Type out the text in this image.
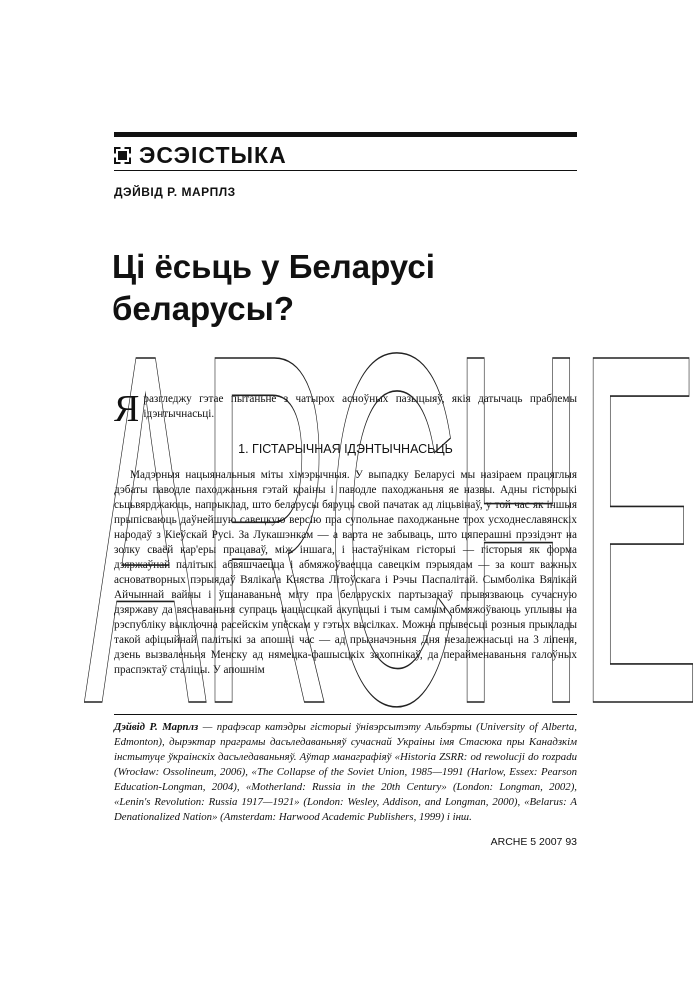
ЭСЭІСТЫКА
ДЭЙВІД Р. МАРПЛЗ
Ці ёсьць у Беларусі
беларусы?

Я разгледжу гэтае пытаньне з чатырох асноўных пазыцыяў, якія датычаць праблемы ідэнтычнасьці.

1. ГІСТАРЫЧНАЯ ІДЭНТЫЧНАСЬЦЬ

Мадэрныя нацыянальныя міты хімэрычныя. У выпадку Беларусі мы назіраем працяглыя дэбаты паводле паходжаньня гэтай краіны і паводле паходжаньня яе назвы. Адны гісторыкі сьцьвярджаюць, напрыклад, што беларусы бяруць свой пачатак ад ліцьвінаў, у той час як іншыя прыпісваюць даўнейшую савецкую версію пра супольнае паходжаньне трох усходнеславянскіх народаў з Кіеўскай Русі. За Лукашэнкам — а варта не забываць, што цяперашні прэзідэнт на золку сваёй кар'еры працаваў, між іншага, і настаўнікам гісторыі — гісторыя як форма дзяржаўнай палітыкі абвяшчаецца і абмяжоўваецца савецкім пэрыядам — за кошт важных асноватворных пэрыядаў Вялікага Княства Літоўскага і Рэчы Паспалітай. Сымболіка Вялікай Айчыннай вайны і ўшанаваньне міту пра беларускіх партызанаў прывязваюць сучасную дзяржаву да вяснаваньня супраць нацысцкай акупацыі і тым самым абмяжоўваюць уплывы на рэспубліку выключна расейскім упёскам у гэтых высілках. Можна прывесьці розныя прыклады такой афіцыйнай палітыкі за апошні час — ад прызначэньня Дня незалежнасьці на 3 ліпеня, дзень вызваленьня Менску ад нямецка-фашысцкіх захопнікаў, да перайменаваньня галоўных праспэктаў сталіцы. У апошнім

Дэйвід Р. Марплз — прафэсар катэдры гісторыі ўнівэрсытэту Альбэрты (University of Alberta, Edmonton), дырэктар праграмы дасьледаваньняў сучаснай Украіны імя Стасюка пры Канадзкім інстытуце ўкраінскіх дасьледаваньняў. Аўтар манаграфіяў «Historia ZSRR: od rewolucji do rozpadu (Wrocław: Ossolineum, 2006), «The Collapse of the Soviet Union, 1985—1991 (Harlow, Essex: Pearson Education-Longman, 2004), «Motherland: Russia in the 20th Century» (London: Longman, 2002), «Lenin's Revolution: Russia 1917—1921» (London: Wesley, Addison, and Longman, 2000), «Belarus: A Denationalized Nation» (Amsterdam: Harwood Academic Publishers, 1999) і інш.

ARCHE 5 2007 93
ARCHE
